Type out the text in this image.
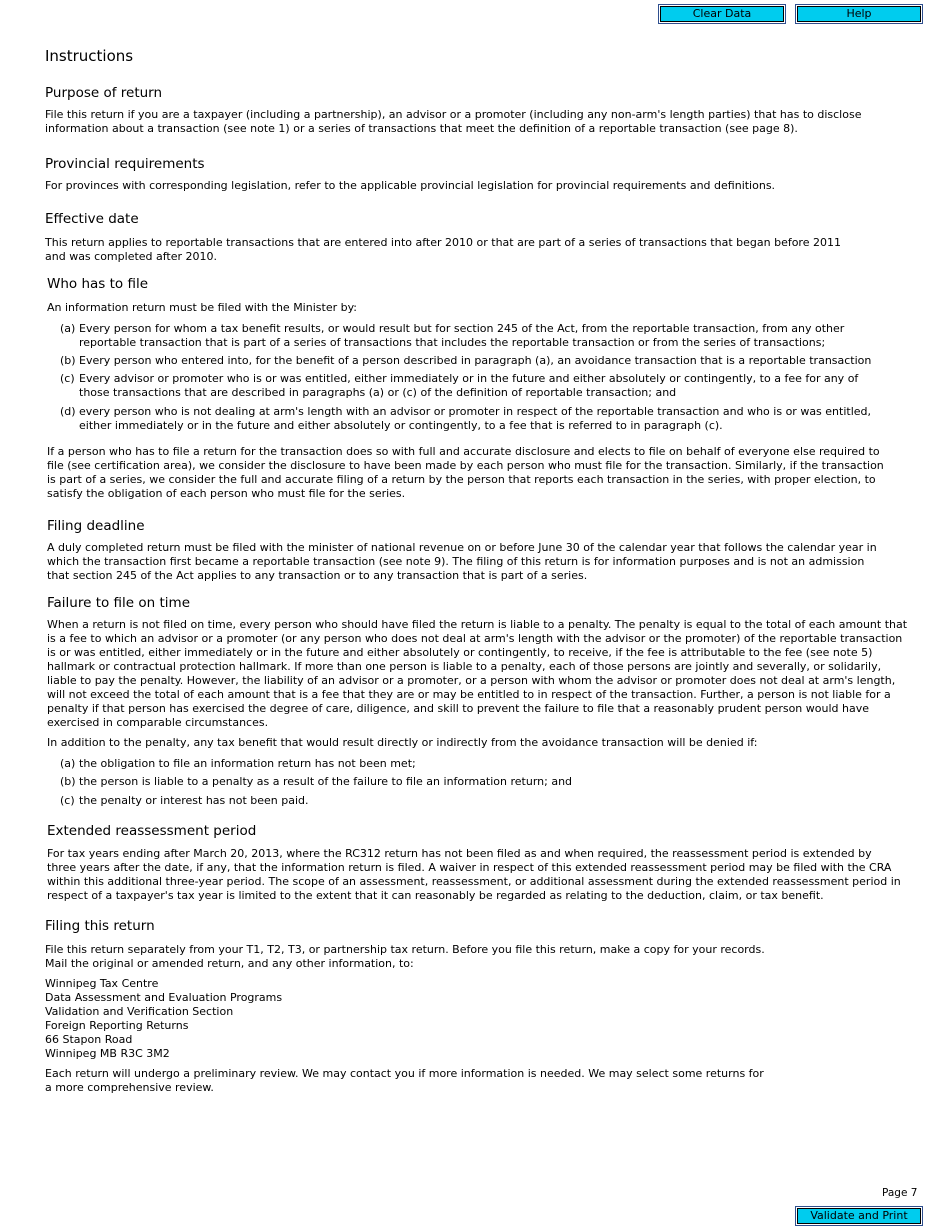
Clear Data	Help
Instructions
Purpose of return

File this return if you are a taxpayer (including a partnership), an advisor or a promoter (including any non-arm's length parties) that has to disclose
information about a transaction (see note 1) or a series of transactions that meet the definition of a reportable transaction (see page 8).

Provincial requirements

For provinces with corresponding legislation, refer to the applicable provincial legislation for provincial requirements and definitions.

Effective date

This return applies to reportable transactions that are entered into after 2010 or that are part of a series of transactions that began before 2011
and was completed after 2010.

Who has to file

An information return must be filed with the Minister by:

(a) Every person for whom a tax benefit results, or would result but for section 245 of the Act, from the reportable transaction, from any other
reportable transaction that is part of a series of transactions that includes the reportable transaction or from the series of transactions;
(b) Every person who entered into, for the benefit of a person described in paragraph (a), an avoidance transaction that is a reportable transaction
(c) Every advisor or promoter who is or was entitled, either immediately or in the future and either absolutely or contingently, to a fee for any of
those transactions that are described in paragraphs (a) or (c) of the definition of reportable transaction; and
(d) every person who is not dealing at arm's length with an advisor or promoter in respect of the reportable transaction and who is or was entitled,
either immediately or in the future and either absolutely or contingently, to a fee that is referred to in paragraph (c).

If a person who has to file a return for the transaction does so with full and accurate disclosure and elects to file on behalf of everyone else required to
file (see certification area), we consider the disclosure to have been made by each person who must file for the transaction. Similarly, if the transaction
is part of a series, we consider the full and accurate filing of a return by the person that reports each transaction in the series, with proper election, to
satisfy the obligation of each person who must file for the series.

Filing deadline

A duly completed return must be filed with the minister of national revenue on or before June 30 of the calendar year that follows the calendar year in
which the transaction first became a reportable transaction (see note 9). The filing of this return is for information purposes and is not an admission
that section 245 of the Act applies to any transaction or to any transaction that is part of a series.

Failure to file on time

When a return is not filed on time, every person who should have filed the return is liable to a penalty. The penalty is equal to the total of each amount that
is a fee to which an advisor or a promoter (or any person who does not deal at arm's length with the advisor or the promoter) of the reportable transaction
is or was entitled, either immediately or in the future and either absolutely or contingently, to receive, if the fee is attributable to the fee (see note 5)
hallmark or contractual protection hallmark. If more than one person is liable to a penalty, each of those persons are jointly and severally, or solidarily,
liable to pay the penalty. However, the liability of an advisor or a promoter, or a person with whom the advisor or promoter does not deal at arm's length,
will not exceed the total of each amount that is a fee that they are or may be entitled to in respect of the transaction. Further, a person is not liable for a
penalty if that person has exercised the degree of care, diligence, and skill to prevent the failure to file that a reasonably prudent person would have
exercised in comparable circumstances.

In addition to the penalty, any tax benefit that would result directly or indirectly from the avoidance transaction will be denied if:

(a) the obligation to file an information return has not been met;
(b) the person is liable to a penalty as a result of the failure to file an information return; and
(c) the penalty or interest has not been paid.
Extended reassessment period

For tax years ending after March 20, 2013, where the RC312 return has not been filed as and when required, the reassessment period is extended by
three years after the date, if any, that the information return is filed. A waiver in respect of this extended reassessment period may be filed with the CRA
within this additional three-year period. The scope of an assessment, reassessment, or additional assessment during the extended reassessment period in
respect of a taxpayer's tax year is limited to the extent that it can reasonably be regarded as relating to the deduction, claim, or tax benefit.

Filing this return

File this return separately from your T1, T2, T3, or partnership tax return. Before you file this return, make a copy for your records.
Mail the original or amended return, and any other information, to:

Winnipeg Tax Centre
Data Assessment and Evaluation Programs
Validation and Verification Section
Foreign Reporting Returns
66 Stapon Road
Winnipeg MB R3C 3M2

Each return will undergo a preliminary review. We may contact you if more information is needed. We may select some returns for
a more comprehensive review.

Page 7
Validate and Print
